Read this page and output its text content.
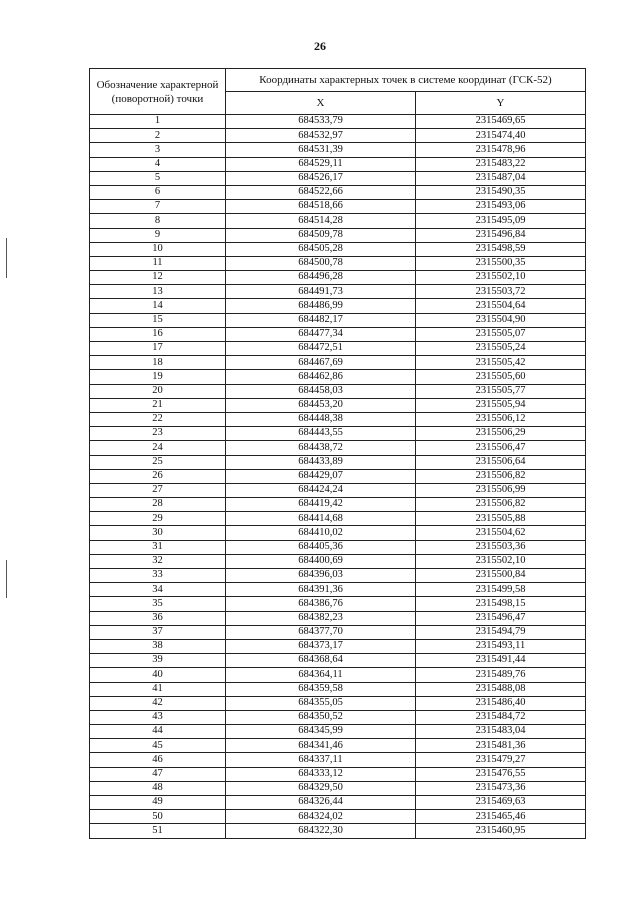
26
Обозначение характерной (поворотной) точки	Координаты характерных точек в системе координат (ГСК-52)	
	X	Y
1	684533,79	2315469,65
2	684532,97	2315474,40
3	684531,39	2315478,96
4	684529,11	2315483,22
5	684526,17	2315487,04
6	684522,66	2315490,35
7	684518,66	2315493,06
8	684514,28	2315495,09
9	684509,78	2315496,84
10	684505,28	2315498,59
11	684500,78	2315500,35
12	684496,28	2315502,10
13	684491,73	2315503,72
14	684486,99	2315504,64
15	684482,17	2315504,90
16	684477,34	2315505,07
17	684472,51	2315505,24
18	684467,69	2315505,42
19	684462,86	2315505,60
20	684458,03	2315505,77
21	684453,20	2315505,94
22	684448,38	2315506,12
23	684443,55	2315506,29
24	684438,72	2315506,47
25	684433,89	2315506,64
26	684429,07	2315506,82
27	684424,24	2315506,99
28	684419,42	2315506,82
29	684414,68	2315505,88
30	684410,02	2315504,62
31	684405,36	2315503,36
32	684400,69	2315502,10
33	684396,03	2315500,84
34	684391,36	2315499,58
35	684386,76	2315498,15
36	684382,23	2315496,47
37	684377,70	2315494,79
38	684373,17	2315493,11
39	684368,64	2315491,44
40	684364,11	2315489,76
41	684359,58	2315488,08
42	684355,05	2315486,40
43	684350,52	2315484,72
44	684345,99	2315483,04
45	684341,46	2315481,36
46	684337,11	2315479,27
47	684333,12	2315476,55
48	684329,50	2315473,36
49	684326,44	2315469,63
50	684324,02	2315465,46
51	684322,30	2315460,95
